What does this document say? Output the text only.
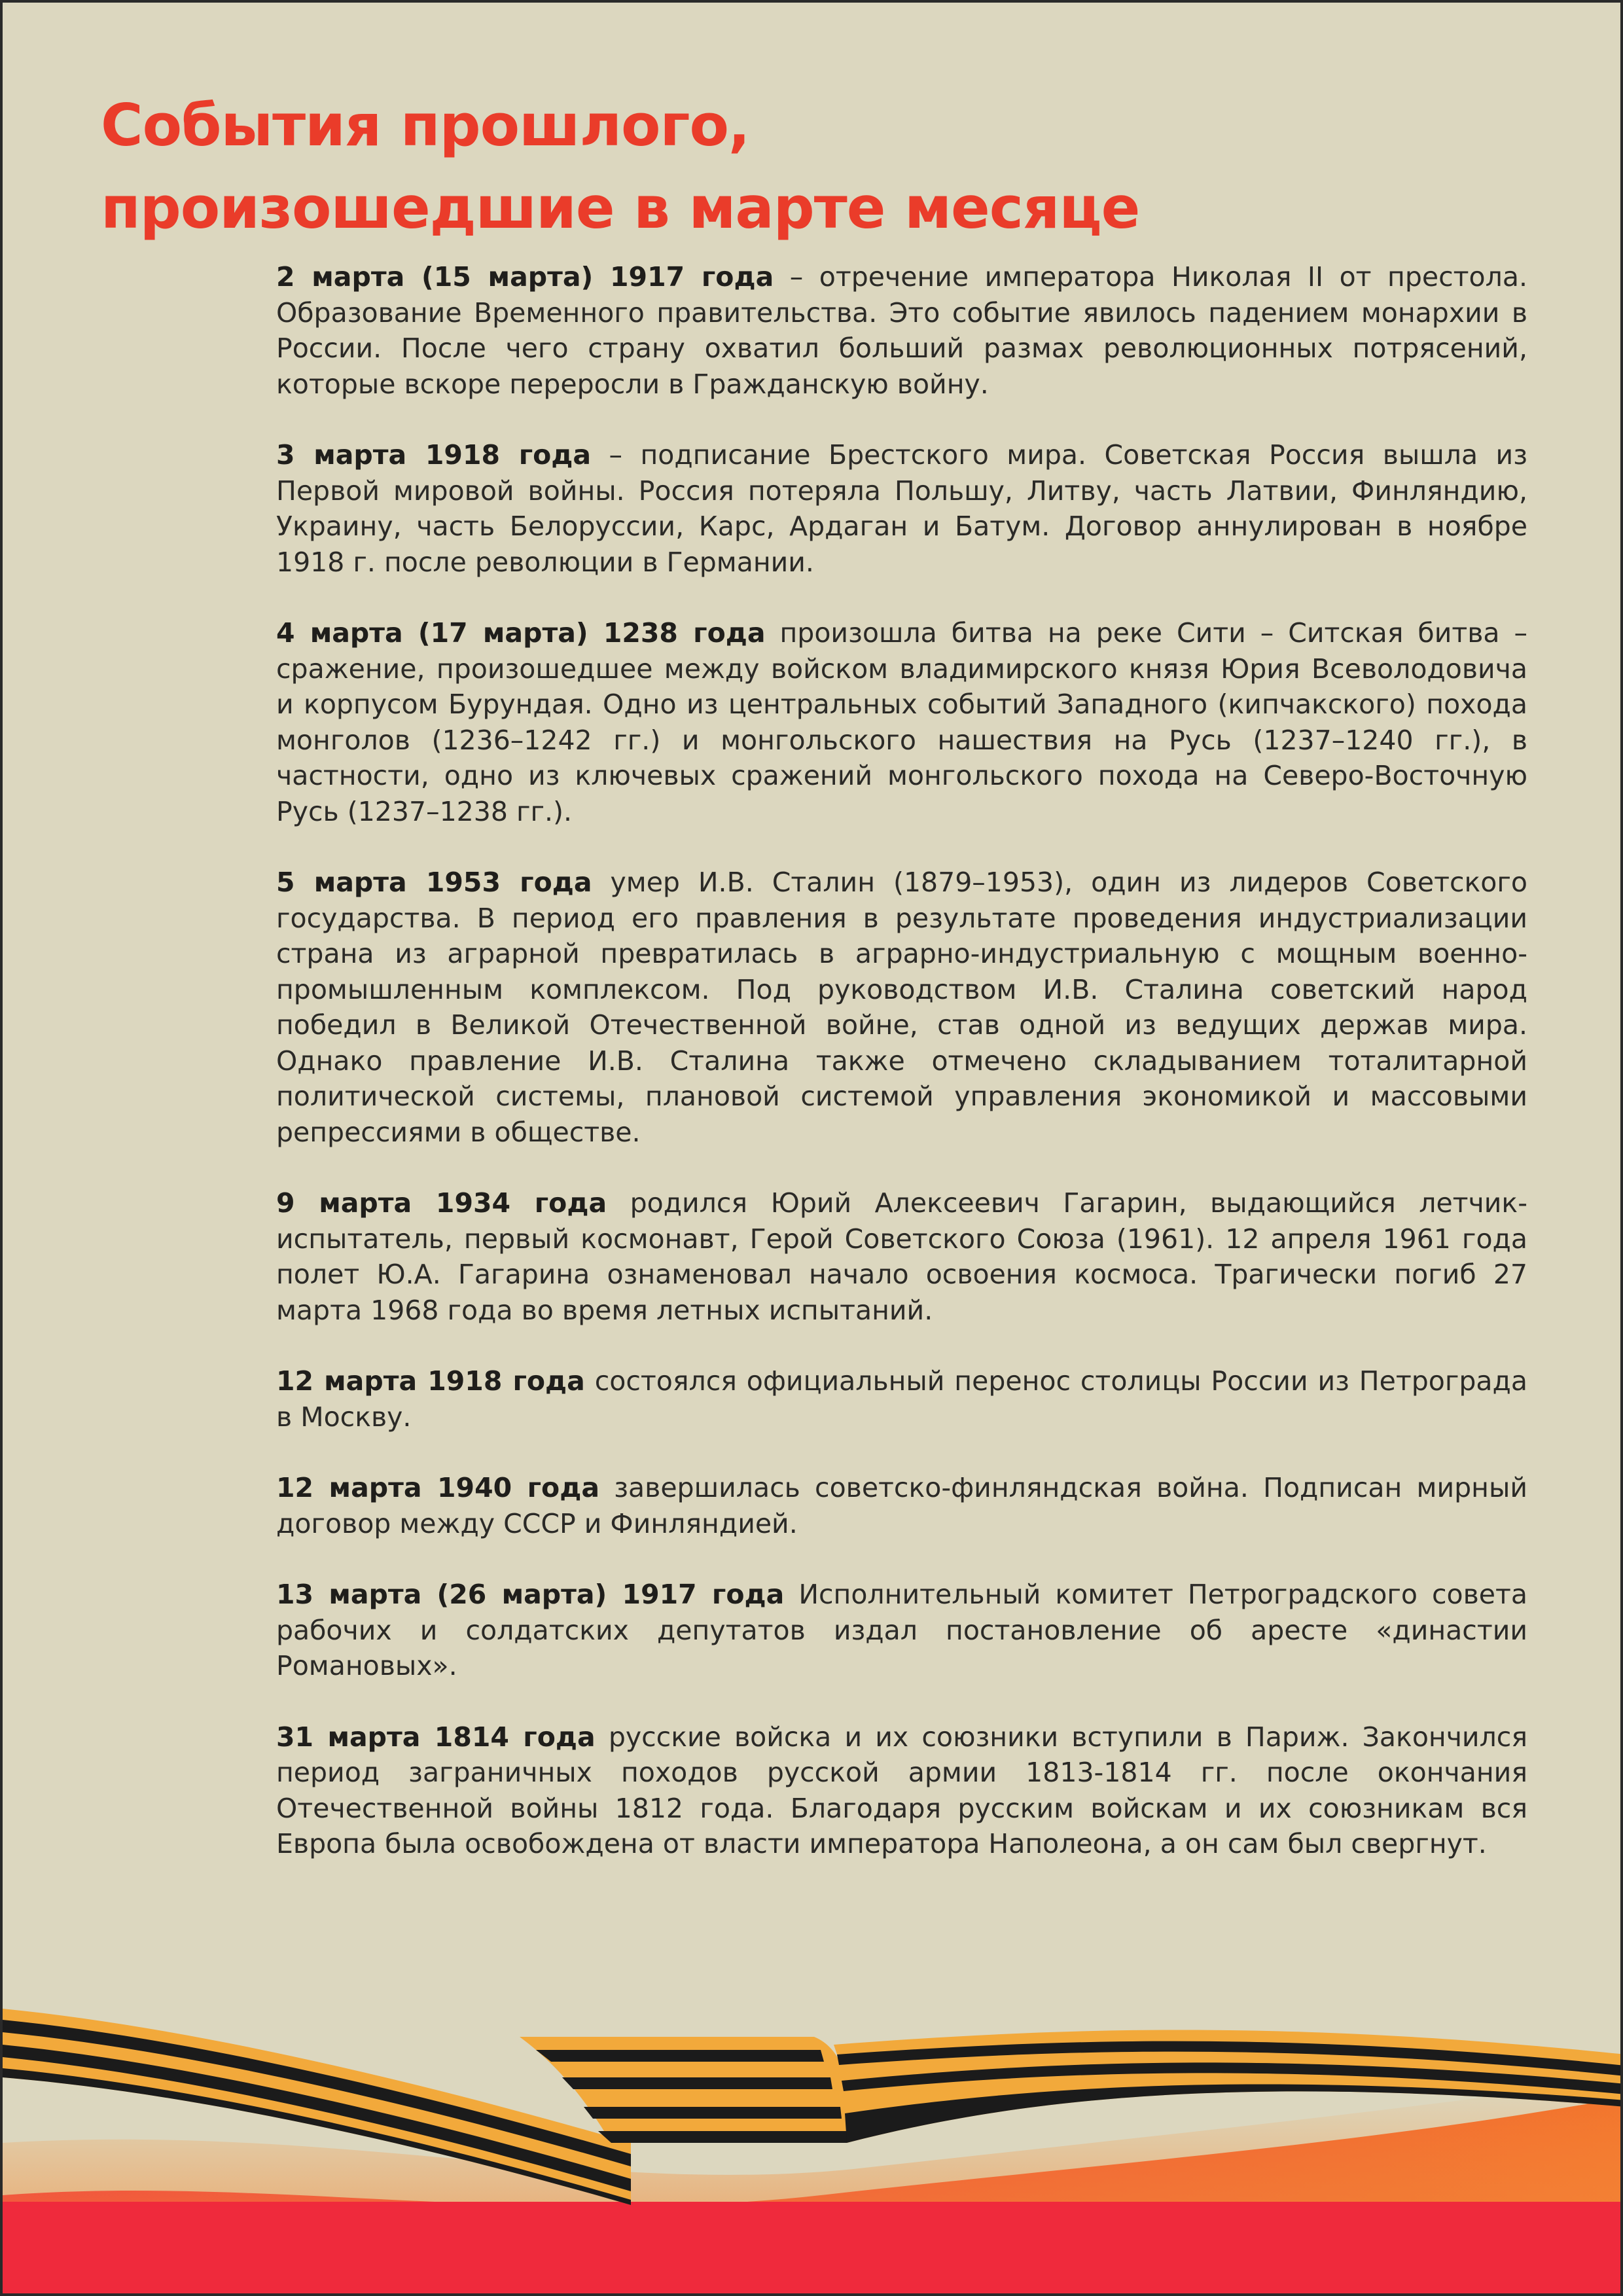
События прошлого,
произошедшие в марте месяце

2 марта (15 марта) 1917 года – отречение императора Николая II от престола. Образование Временного правительства. Это событие явилось падением монархии в России. После чего страну охватил больший размах революционных потрясений, которые вскоре переросли в Гражданскую войну.

3 марта 1918 года – подписание Брестского мира. Советская Россия вышла из Первой мировой войны. Россия потеряла Польшу, Литву, часть Латвии, Финляндию, Украину, часть Белоруссии, Карс, Ардаган и Батум. Договор аннулирован в ноябре 1918 г. после революции в Германии.

4 марта (17 марта) 1238 года произошла битва на реке Сити – Ситская битва – сражение, произошедшее между войском владимирского князя Юрия Всеволодовича и корпусом Бурундая. Одно из центральных событий Западного (кипчакского) похода монголов (1236–1242 гг.) и монгольского нашествия на Русь (1237–1240 гг.), в частности, одно из ключевых сражений монгольского похода на Северо-Восточную Русь (1237–1238 гг.).

5 марта 1953 года умер И.В. Сталин (1879–1953), один из лидеров Советского государства. В период его правления в результате проведения индустриализации страна из аграрной превратилась в аграрно-индустриальную с мощным военно-промышленным комплексом. Под руководством И.В. Сталина советский народ победил в Великой Отечественной войне, став одной из ведущих держав мира. Однако правление И.В. Сталина также отмечено складыванием тоталитарной политической системы, плановой системой управления экономикой и массовыми репрессиями в обществе.

9 марта 1934 года родился Юрий Алексеевич Гагарин, выдающийся летчик-испытатель, первый космонавт, Герой Советского Союза (1961). 12 апреля 1961 года полет Ю.А. Гагарина ознаменовал начало освоения космоса. Трагически погиб 27 марта 1968 года во время летных испытаний.

12 марта 1918 года состоялся официальный перенос столицы России из Петрограда в Москву.

12 марта 1940 года завершилась советско-финляндская война. Подписан мирный договор между СССР и Финляндией.

13 марта (26 марта) 1917 года Исполнительный комитет Петроградского совета рабочих и солдатских депутатов издал постановление об аресте «династии Романовых».

31 марта 1814 года русские войска и их союзники вступили в Париж. Закончился период заграничных походов русской армии 1813-1814 гг. после окончания Отечественной войны 1812 года. Благодаря русским войскам и их союзникам вся Европа была освобождена от власти императора Наполеона, а он сам был свергнут.
